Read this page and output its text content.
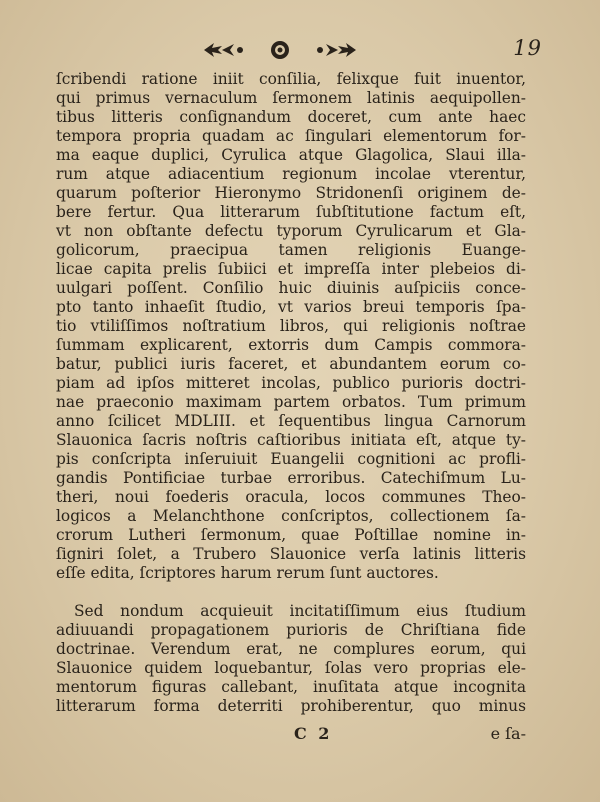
19
ſcribendi ratione iniit conſilia, felixque fuit inuentor,
qui primus vernaculum ſermonem latinis aequipollen-
tibus litteris conſignandum doceret, cum ante haec
tempora propria quadam ac ſingulari elementorum for-
ma eaque duplici, Cyrulica atque Glagolica, Slaui illa-
rum atque adiacentium regionum incolae vterentur,
quarum poſterior Hieronymo Stridonenſi originem de-
bere fertur. Qua litterarum ſubſtitutione factum eſt,
vt non obſtante defectu typorum Cyrulicarum et Gla-
golicorum, praecipua tamen religionis Euange-
licae capita prelis ſubiici et impreſſa inter plebeios di-
uulgari poſſent. Conſilio huic diuinis auſpiciis conce-
pto tanto inhaeſit ſtudio, vt varios breui temporis ſpa-
tio vtiliſſimos noſtratium libros, qui religionis noſtrae
ſummam explicarent, extorris dum Campis commora-
batur, publici iuris faceret, et abundantem eorum co-
piam ad ipſos mitteret incolas, publico purioris doctri-
nae praeconio maximam partem orbatos. Tum primum
anno ſcilicet MDLIII. et ſequentibus lingua Carnorum
Slauonica ſacris noſtris caſtioribus initiata eſt, atque ty-
pis conſcripta inſeruiuit Euangelii cognitioni ac profli-
gandis Pontificiae turbae erroribus. Catechiſmum Lu-
theri, noui foederis oracula, locos communes Theo-
logicos a Melanchthone conſcriptos, collectionem ſa-
crorum Lutheri ſermonum, quae Poſtillae nomine in-
ſigniri ſolet, a Trubero Slauonice verſa latinis litteris
eſſe edita, ſcriptores harum rerum ſunt auctores.
Sed nondum acquieuit incitatiſſimum eius ſtudium
adiuuandi propagationem purioris de Chriſtiana fide
doctrinae. Verendum erat, ne complures eorum, qui
Slauonice quidem loquebantur, ſolas vero proprias ele-
mentorum figuras callebant, inuſitata atque incognita
litterarum forma deterriti prohiberentur, quo minus
C 2	e ſa-
